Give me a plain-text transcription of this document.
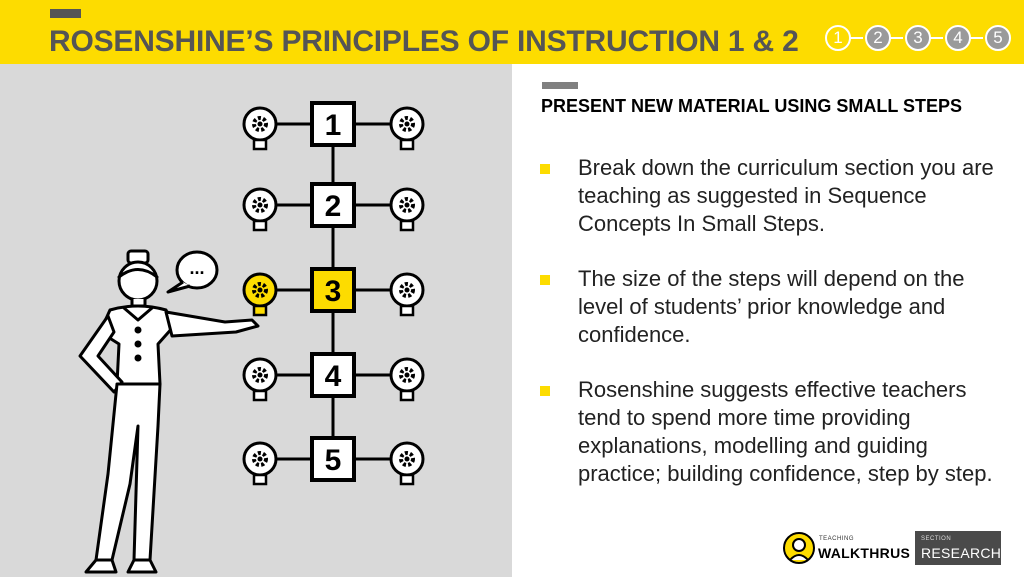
ROSENSHINE’S PRINCIPLES OF INSTRUCTION 1 & 2	1	2	3	4	5
1
2
3
4
5
...
PRESENT NEW MATERIAL USING SMALL STEPS
Break down the curriculum section you are teaching as suggested in Sequence Concepts In Small Steps.
The size of the steps will depend on the level of students’ prior knowledge and confidence.
Rosenshine suggests effective teachers tend to spend more time providing explanations, modelling and guiding practice; building confidence, step by step.
TEACHING
WALKTHRUS
SECTION
RESEARCH
